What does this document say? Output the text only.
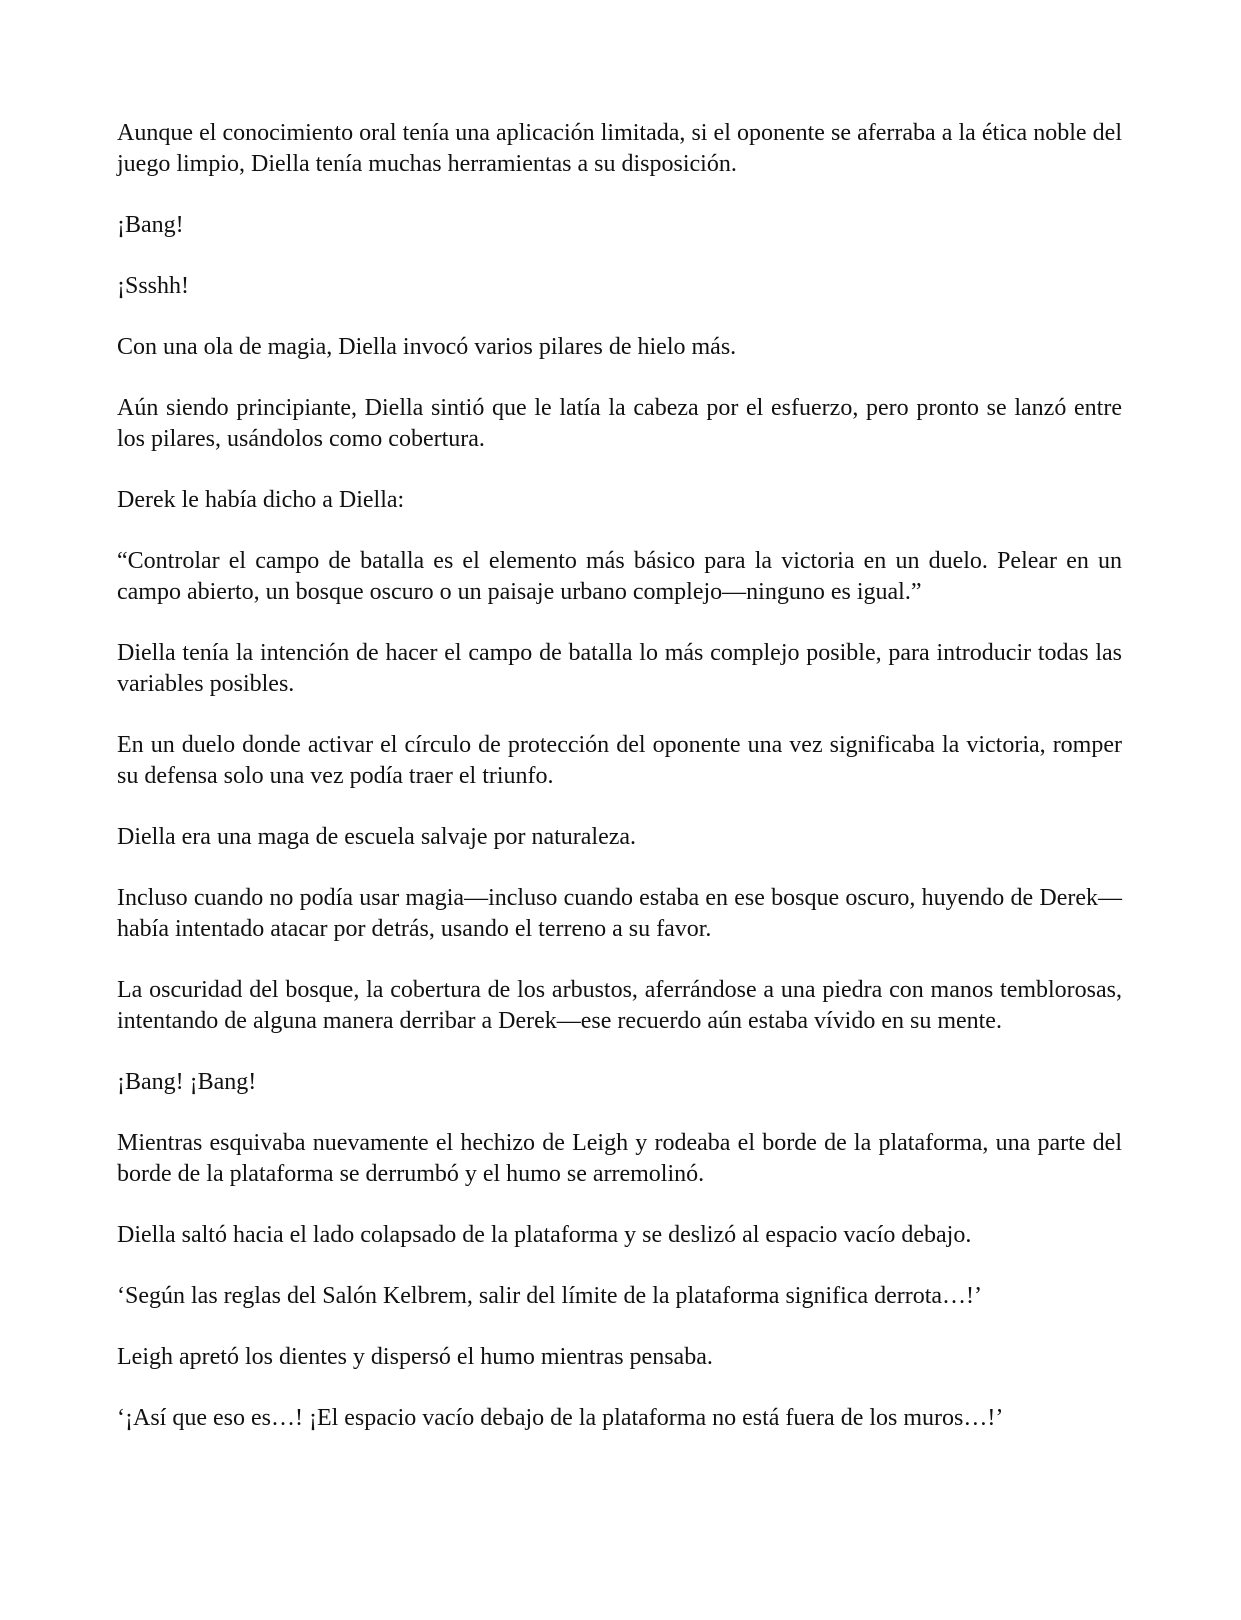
Aunque el conocimiento oral tenía una aplicación limitada, si el oponente se aferraba a la ética noble del juego limpio, Diella tenía muchas herramientas a su disposición.

¡Bang!

¡Ssshh!

Con una ola de magia, Diella invocó varios pilares de hielo más.

Aún siendo principiante, Diella sintió que le latía la cabeza por el esfuerzo, pero pronto se lanzó entre los pilares, usándolos como cobertura.

Derek le había dicho a Diella:

“Controlar el campo de batalla es el elemento más básico para la victoria en un duelo. Pelear en un campo abierto, un bosque oscuro o un paisaje urbano complejo—ninguno es igual.”

Diella tenía la intención de hacer el campo de batalla lo más complejo posible, para introducir todas las variables posibles.

En un duelo donde activar el círculo de protección del oponente una vez significaba la victoria, romper su defensa solo una vez podía traer el triunfo.

Diella era una maga de escuela salvaje por naturaleza.

Incluso cuando no podía usar magia—incluso cuando estaba en ese bosque oscuro, huyendo de Derek—había intentado atacar por detrás, usando el terreno a su favor.

La oscuridad del bosque, la cobertura de los arbustos, aferrándose a una piedra con manos temblorosas, intentando de alguna manera derribar a Derek—ese recuerdo aún estaba vívido en su mente.

¡Bang! ¡Bang!

Mientras esquivaba nuevamente el hechizo de Leigh y rodeaba el borde de la plataforma, una parte del borde de la plataforma se derrumbó y el humo se arremolinó.

Diella saltó hacia el lado colapsado de la plataforma y se deslizó al espacio vacío debajo.

‘Según las reglas del Salón Kelbrem, salir del límite de la plataforma significa derrota…!’

Leigh apretó los dientes y dispersó el humo mientras pensaba.

‘¡Así que eso es…! ¡El espacio vacío debajo de la plataforma no está fuera de los muros…!’
